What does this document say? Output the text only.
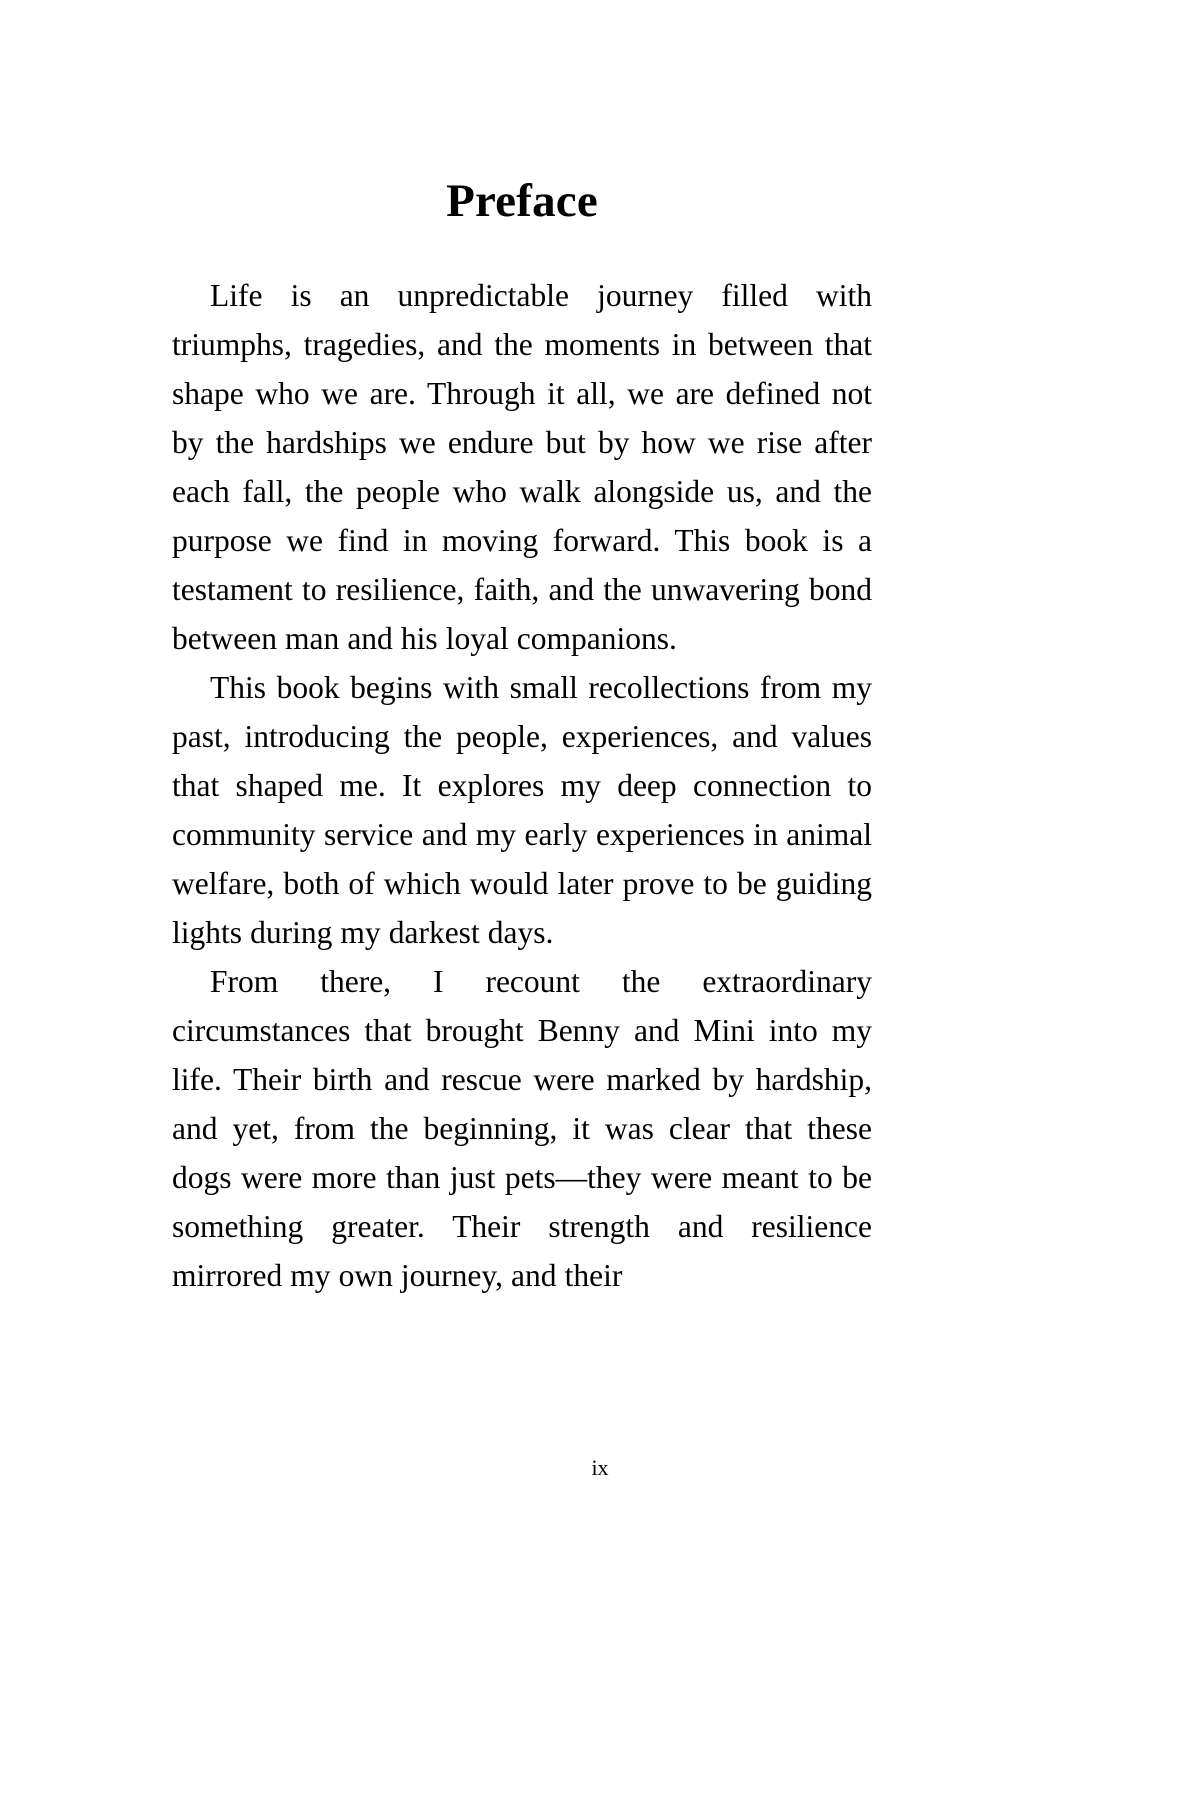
Preface

Life is an unpredictable journey filled with triumphs, tragedies, and the moments in between that shape who we are. Through it all, we are defined not by the hardships we endure but by how we rise after each fall, the people who walk alongside us, and the purpose we find in moving forward. This book is a testament to resilience, faith, and the unwavering bond between man and his loyal companions.

This book begins with small recollections from my past, introducing the people, experiences, and values that shaped me. It explores my deep connection to community service and my early experiences in animal welfare, both of which would later prove to be guiding lights during my darkest days.

From there, I recount the extraordinary circumstances that brought Benny and Mini into my life. Their birth and rescue were marked by hardship, and yet, from the beginning, it was clear that these dogs were more than just pets—they were meant to be something greater. Their strength and resilience mirrored my own journey, and their

ix
